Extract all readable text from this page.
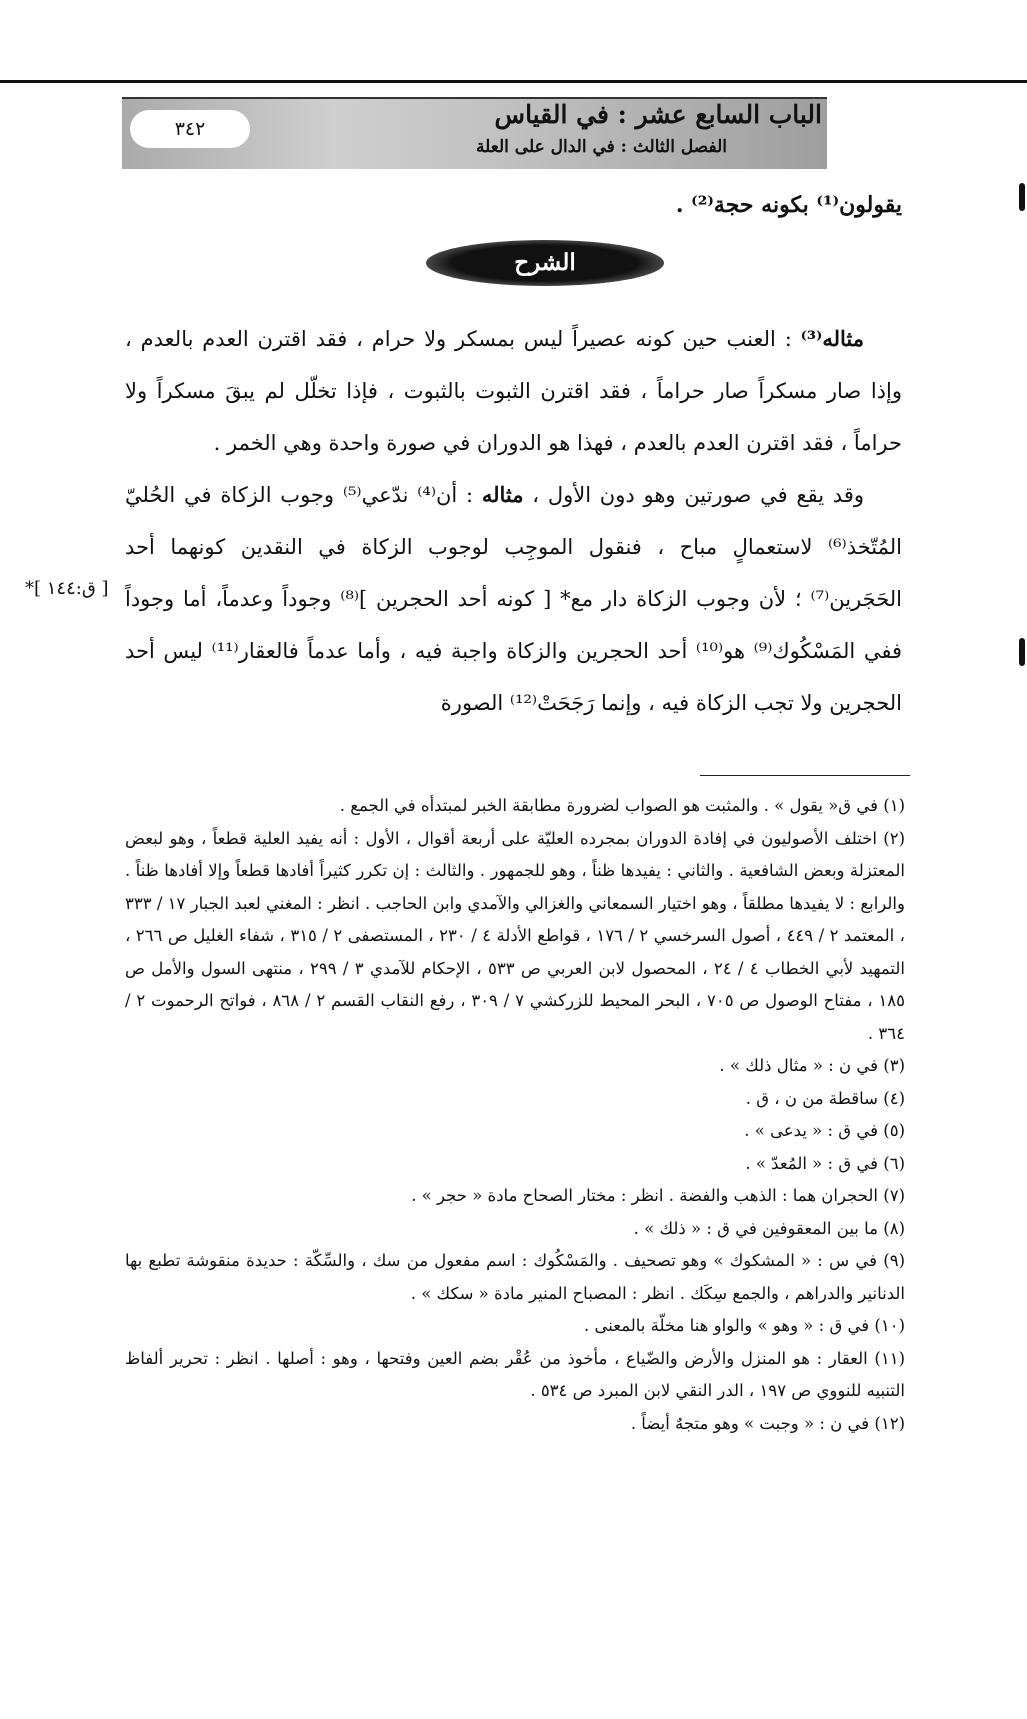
٣٤٢	الباب السابع عشر : في القياس
الفصل الثالث : في الدال على العلة
يقولون⁽¹⁾ بكونه حجة⁽²⁾ .
الشرح

مثاله⁽³⁾ : العنب حين كونه عصيراً ليس بمسكر ولا حرام ، فقد اقترن العدم بالعدم ، وإذا صار مسكراً صار حراماً ، فقد اقترن الثبوت بالثبوت ، فإذا تخلّل لم يبقَ مسكراً ولا حراماً ، فقد اقترن العدم بالعدم ، فهذا هو الدوران في صورة واحدة وهي الخمر .

وقد يقع في صورتين وهو دون الأول ، مثاله : أن⁽⁴⁾ ندّعي⁽⁵⁾ وجوب الزكاة في الحُليّ المُتّخذ⁽⁶⁾ لاستعمالٍ مباح ، فنقول الموجِب لوجوب الزكاة في النقدين كونهما أحد الحَجَرين⁽⁷⁾ ؛ لأن وجوب الزكاة دار مع* [ كونه أحد الحجرين ]⁽⁸⁾ وجوداً وعدماً، أما وجوداً ففي المَسْكُوك⁽⁹⁾ هو⁽¹⁰⁾ أحد الحجرين والزكاة واجبة فيه ، وأما عدماً فالعقار⁽¹¹⁾ ليس أحد الحجرين ولا تجب الزكاة فيه ، وإنما رَجَحَتْ⁽¹²⁾ الصورة

*[ ق:١٤٤ ]

(١) في ق« يقول » . والمثبت هو الصواب لضرورة مطابقة الخبر لمبتدأه في الجمع .

(٢) اختلف الأصوليون في إفادة الدوران بمجرده العليّة على أربعة أقوال ، الأول : أنه يفيد العلية قطعاً ، وهو لبعض المعتزلة وبعض الشافعية . والثاني : يفيدها ظناً ، وهو للجمهور . والثالث : إن تكرر كثيراً أفادها قطعاً وإلا أفادها ظناً . والرابع : لا يفيدها مطلقاً ، وهو اختيار السمعاني والغزالي والآمدي وابن الحاجب . انظر : المغني لعبد الجبار ١٧ / ٣٣٣ ، المعتمد ٢ / ٤٤٩ ، أصول السرخسي ٢ / ١٧٦ ، قواطع الأدلة ٤ / ٢٣٠ ، المستصفى ٢ / ٣١٥ ، شفاء الغليل ص ٢٦٦ ، التمهيد لأبي الخطاب ٤ / ٢٤ ، المحصول لابن العربي ص ٥٣٣ ، الإحكام للآمدي ٣ / ٢٩٩ ، منتهى السول والأمل ص ١٨٥ ، مفتاح الوصول ص ٧٠٥ ، البحر المحيط للزركشي ٧ / ٣٠٩ ، رفع النقاب القسم ٢ / ٨٦٨ ، فواتح الرحموت ٢ / ٣٦٤ .

(٣) في ن : « مثال ذلك » .

(٤) ساقطة من ن ، ق .

(٥) في ق : « يدعى » .

(٦) في ق : « المُعدّ » .

(٧) الحجران هما : الذهب والفضة . انظر : مختار الصحاح مادة « حجر » .

(٨) ما بين المعقوفين في ق : « ذلك » .

(٩) في س : « المشكوك » وهو تصحيف . والمَسْكُوك : اسم مفعول من سك ، والسِّكّة : حديدة منقوشة تطبع بها الدنانير والدراهم ، والجمع سِكَك . انظر : المصباح المنير مادة « سكك » .

(١٠) في ق : « وهو » والواو هنا مخلّة بالمعنى .

(١١) العقار : هو المنزل والأرض والضّياع ، مأخوذ من عُقْر بضم العين وفتحها ، وهو : أصلها . انظر : تحرير ألفاظ التنبيه للنووي ص ١٩٧ ، الدر النقي لابن المبرد ص ٥٣٤ .

(١٢) في ن : « وجبت » وهو متجهٌ أيضاً .
